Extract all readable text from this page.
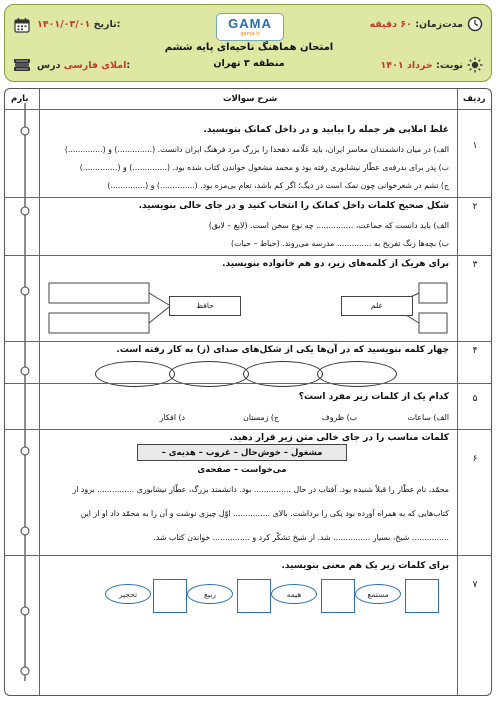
۱۴۰۱/۰۳/۰۱ تاریخ:
املای فارسی درس:
GAMA
gama.ir
امتحان هماهنگ ناحیه‌ای پایه ششم
منطقه ۳ تهران
مدت‌زمان: ۶۰ دقیقه
نوبت: خرداد ۱۴۰۱
بارم	شرح سوالات	ردیف
۱
غلط املایی هر جمله را بیابید و در داخل کمانک بنویسید.
الف) در میان دانشمندان معاسر ایران، باید عَلّامه دهخدا را بزرگ مرد فرهنگ ایران دانست. (..............) و (..............)
ب) پدر برای بدرقه‌ی عطّار نیشابوری رفته بود و محمد مشغول خواندن کتاب شده بود. (..............) و (..............)
ج) تشم در شعرخوانی چون نمک است در دیگ؛ اگر کم باشد، تعام بی‌مزه بود. (..............) و (..............)
۲
شکل صحیح کلمات داخل کمانک را انتخاب کنید و در جای خالی بنویسید.
الف) باید دانست که جماعت، ............... چه نوع سخن است. (لایغ – لایق)
ب) بچه‌ها زنگ تفریح به .............. مدرسه می‌روند. (حیاط – حیات)
۳
برای هریک از کلمه‌های زیر، دو هم خانواده بنویسید.
علم
حافظ
۴
چهار کلمه بنویسید که در آن‌ها یکی از شکل‌های صدای (ز) به کار رفته است.
۵
کدام یک از کلمات زیر مفرد است؟
الف) ساعات
ب) ظروف
ج) زمستان
د) افکار
۶
کلمات مناسب را در جای خالی متن زیر قرار دهید.
مشغول – خوش‌حال – غروب – هدیه‌ی – می‌خواست – صفحه‌ی
محمّد، نام عطّار را قبلاً شنیده بود. آفتاب در حال ............... بود. دانشمند بزرگ، عطّار نیشابوری ............... برود از
کتاب‌هایی که به همراه آورده بود یکی را برداشت. بالای ............... اوّل چیزی نوشت و آن را به محمّد داد او از این
............... شیخ، بسیار ............... شد. از شیخ تشکّر کرد و ............... خواندن کتاب شد.
۷
برای کلمات زیر یک هم معنی بنویسید.
مستمع
هیمه
ربیع
تحجیر
